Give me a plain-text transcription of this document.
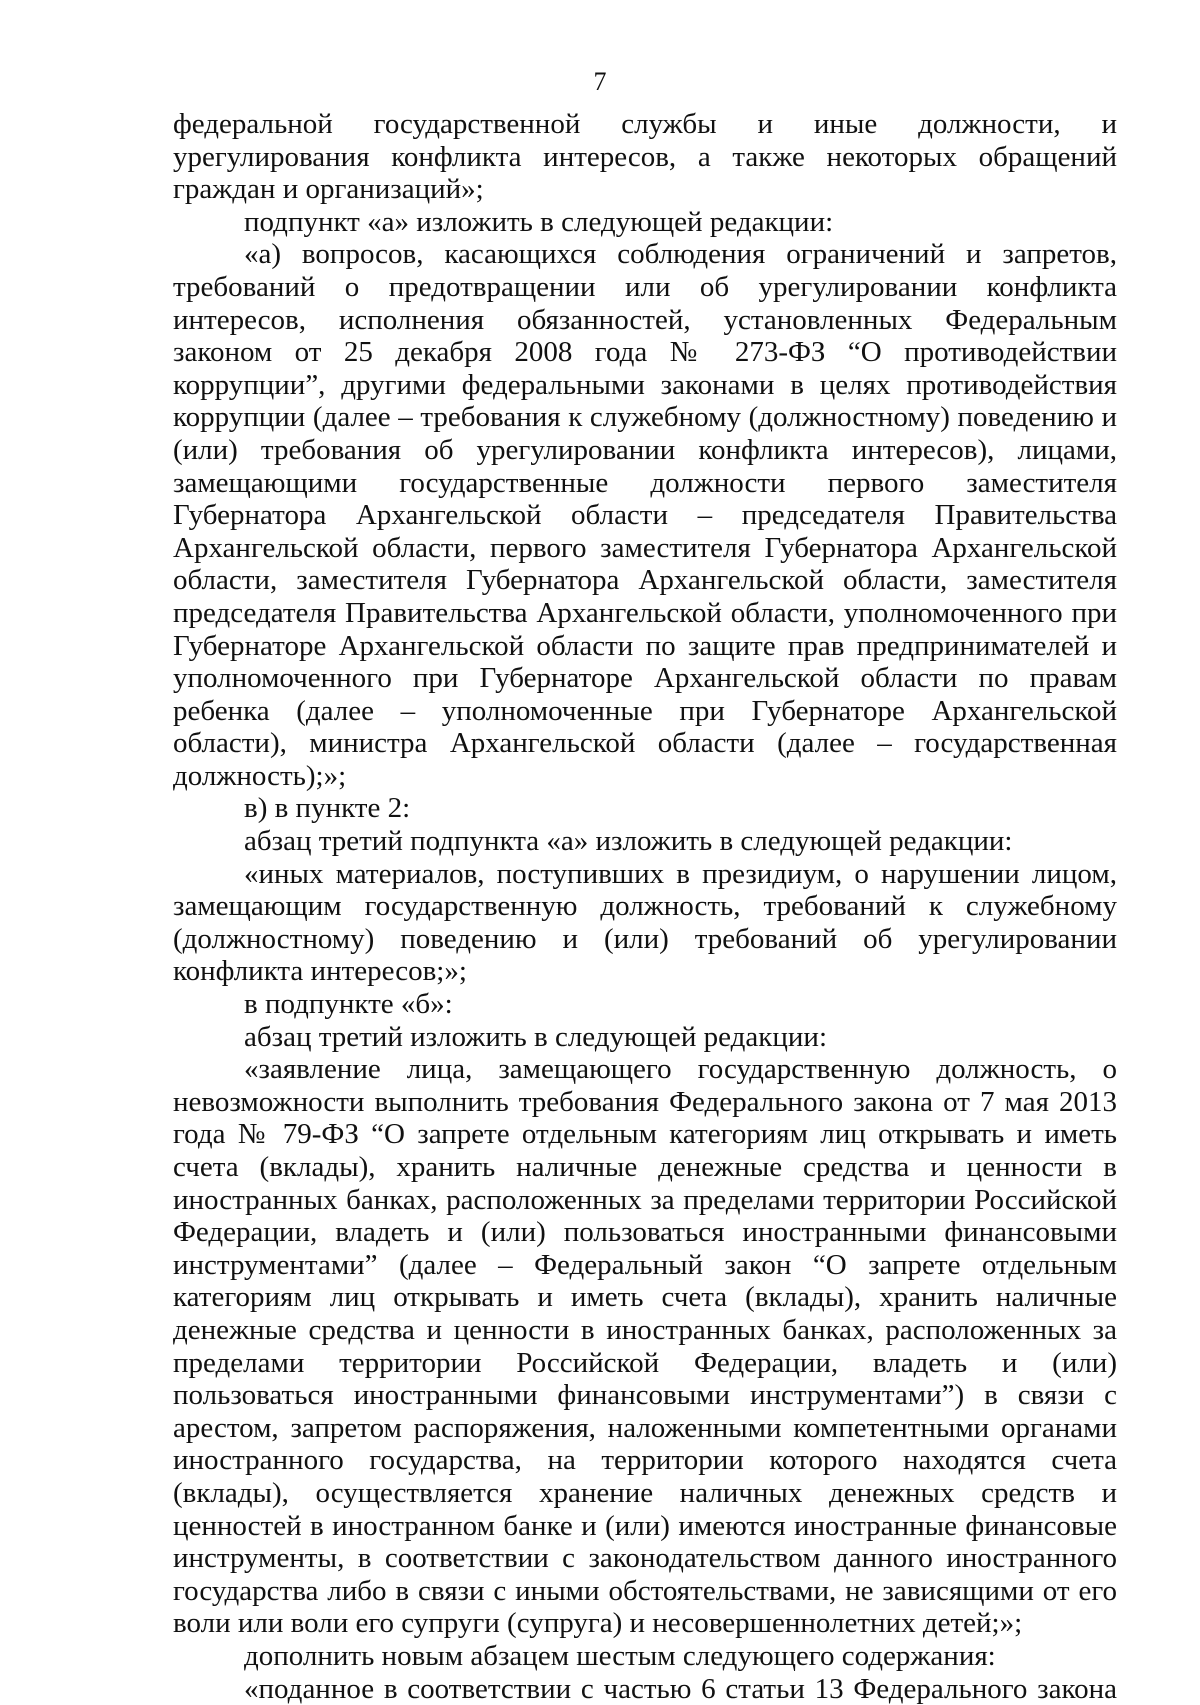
7

федеральной государственной службы и иные должности, и урегулирования конфликта интересов, а также некоторых обращений граждан и организаций»;

подпункт «а» изложить в следующей редакции:

«а) вопросов, касающихся соблюдения ограничений и запретов, требований о предотвращении или об урегулировании конфликта интересов, исполнения обязанностей, установленных Федеральным законом от 25 декабря 2008 года № 273-ФЗ “О противодействии коррупции”, другими федеральными законами в целях противодействия коррупции (далее – требования к служебному (должностному) поведению и (или) требования об урегулировании конфликта интересов), лицами, замещающими государственные должности первого заместителя Губернатора Архангельской области – председателя Правительства Архангельской области, первого заместителя Губернатора Архангельской области, заместителя Губернатора Архангельской области, заместителя председателя Правительства Архангельской области, уполномоченного при Губернаторе Архангельской области по защите прав предпринимателей и уполномоченного при Губернаторе Архангельской области по правам ребенка (далее – уполномоченные при Губернаторе Архангельской области), министра Архангельской области (далее – государственная должность);»;

в) в пункте 2:

абзац третий подпункта «а» изложить в следующей редакции:

«иных материалов, поступивших в президиум, о нарушении лицом, замещающим государственную должность, требований к служебному (должностному) поведению и (или) требований об урегулировании конфликта интересов;»;

в подпункте «б»:

абзац третий изложить в следующей редакции:

«заявление лица, замещающего государственную должность, о невозможности выполнить требования Федерального закона от 7 мая 2013 года № 79-ФЗ “О запрете отдельным категориям лиц открывать и иметь счета (вклады), хранить наличные денежные средства и ценности в иностранных банках, расположенных за пределами территории Российской Федерации, владеть и (или) пользоваться иностранными финансовыми инструментами” (далее – Федеральный закон “О запрете отдельным категориям лиц открывать и иметь счета (вклады), хранить наличные денежные средства и ценности в иностранных банках, расположенных за пределами территории Российской Федерации, владеть и (или) пользоваться иностранными финансовыми инструментами”) в связи с арестом, запретом распоряжения, наложенными компетентными органами иностранного государства, на территории которого находятся счета (вклады), осуществляется хранение наличных денежных средств и ценностей в иностранном банке и (или) имеются иностранные финансовые инструменты, в соответствии с законодательством данного иностранного государства либо в связи с иными обстоятельствами, не зависящими от его воли или воли его супруги (супруга) и несовершеннолетних детей;»;

дополнить новым абзацем шестым следующего содержания:

«поданное в соответствии с частью 6 статьи 13 Федерального закона
